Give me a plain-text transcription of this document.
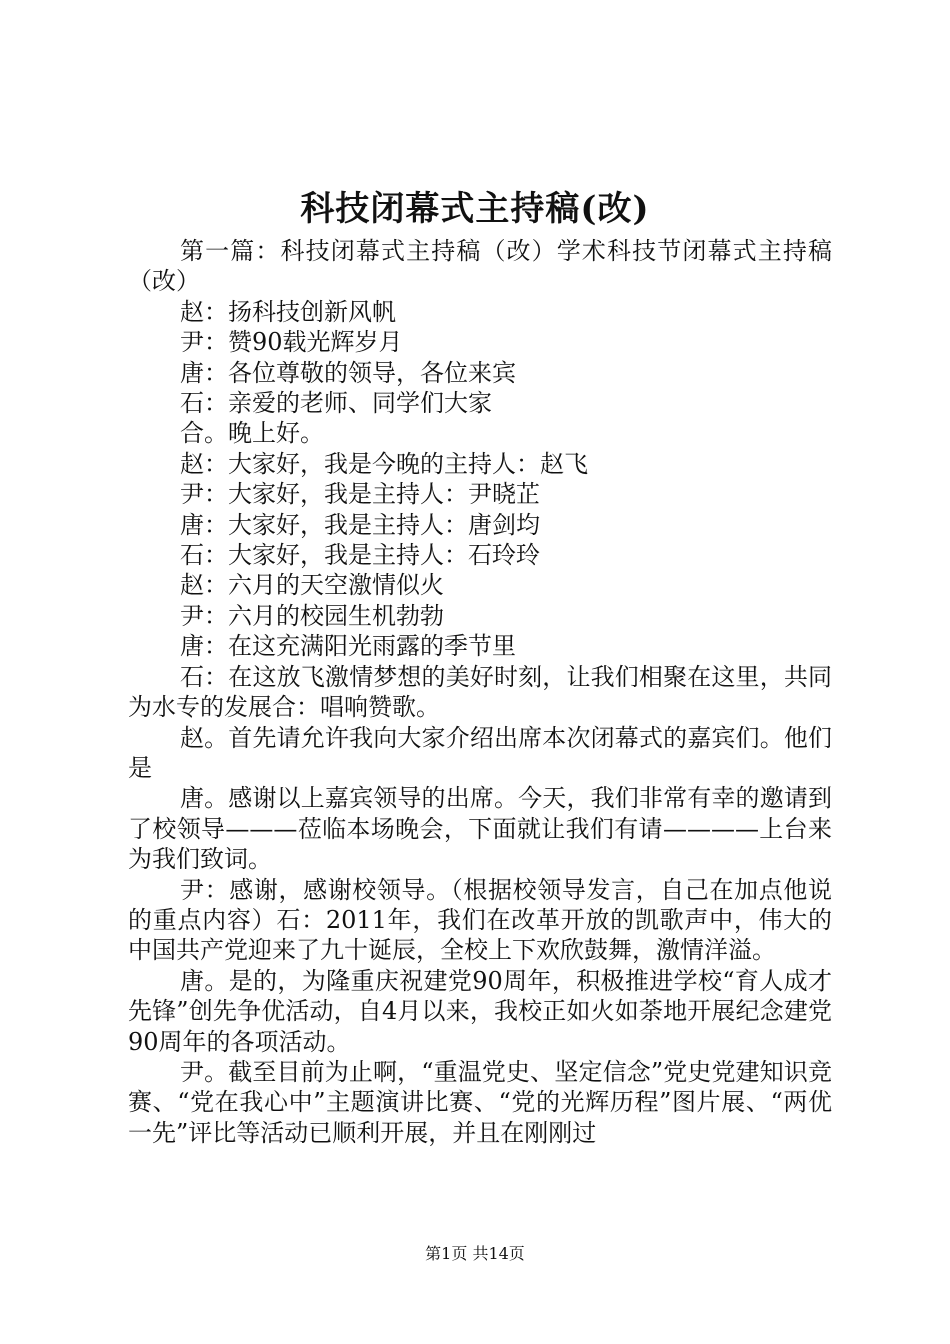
科技闭幕式主持稿(改)

第一篇：科技闭幕式主持稿（改）学术科技节闭幕式主持稿（改）

赵：扬科技创新风帆

尹：赞90载光辉岁月

唐：各位尊敬的领导，各位来宾

石：亲爱的老师、同学们大家

合。晚上好。

赵：大家好，我是今晚的主持人：赵飞

尹：大家好，我是主持人：尹晓芷

唐：大家好，我是主持人：唐剑均

石：大家好，我是主持人：石玲玲

赵：六月的天空激情似火

尹：六月的校园生机勃勃

唐：在这充满阳光雨露的季节里

石：在这放飞激情梦想的美好时刻，让我们相聚在这里，共同为水专的发展合：唱响赞歌。

赵。首先请允许我向大家介绍出席本次闭幕式的嘉宾们。他们是

唐。感谢以上嘉宾领导的出席。今天，我们非常有幸的邀请到了校领导———莅临本场晚会，下面就让我们有请————上台来为我们致词。

尹：感谢，感谢校领导。（根据校领导发言，自己在加点他说的重点内容）石：2011年，我们在改革开放的凯歌声中，伟大的中国共产党迎来了九十诞辰，全校上下欢欣鼓舞，激情洋溢。

唐。是的，为隆重庆祝建党90周年，积极推进学校“育人成才先锋”创先争优活动，自4月以来，我校正如火如荼地开展纪念建党90周年的各项活动。

尹。截至目前为止啊，“重温党史、坚定信念”党史党建知识竞赛、“党在我心中”主题演讲比赛、“党的光辉历程”图片展、“两优一先”评比等活动已顺利开展，并且在刚刚过

第1页 共14页
